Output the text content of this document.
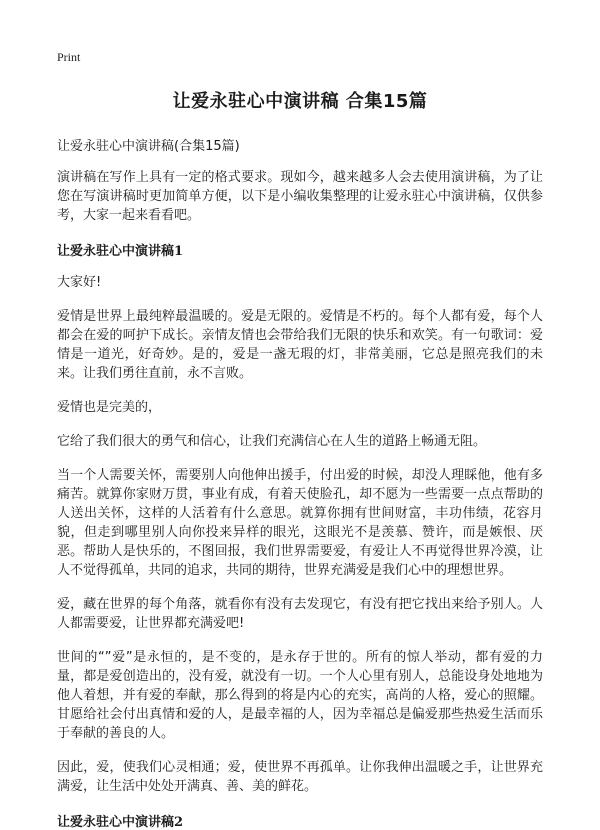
Print
让爱永驻心中演讲稿 合集15篇
让爱永驻心中演讲稿(合集15篇)

演讲稿在写作上具有一定的格式要求。现如今，越来越多人会去使用演讲稿，为了让您在写演讲稿时更加简单方便，以下是小编收集整理的让爱永驻心中演讲稿，仅供参考，大家一起来看看吧。

让爱永驻心中演讲稿1

大家好!

爱情是世界上最纯粹最温暖的。爱是无限的。爱情是不朽的。每个人都有爱，每个人都会在爱的呵护下成长。亲情友情也会带给我们无限的快乐和欢笑。有一句歌词：爱情是一道光，好奇妙。是的，爱是一盏无瑕的灯，非常美丽，它总是照亮我们的未来。让我们勇往直前，永不言败。

爱情也是完美的，

它给了我们很大的勇气和信心，让我们充满信心在人生的道路上畅通无阻。

当一个人需要关怀，需要别人向他伸出援手，付出爱的时候，却没人理睬他，他有多痛苦。就算你家财万贯，事业有成，有着天使脸孔，却不愿为一些需要一点点帮助的人送出关怀，这样的人活着有什么意思。就算你拥有世间财富，丰功伟绩，花容月貌，但走到哪里别人向你投来异样的眼光，这眼光不是羡慕、赞许，而是嫉恨、厌恶。帮助人是快乐的，不图回报，我们世界需要爱，有爱让人不再觉得世界冷漠，让人不觉得孤单，共同的追求，共同的期待，世界充满爱是我们心中的理想世界。

爱，藏在世界的每个角落，就看你有没有去发现它，有没有把它找出来给予别人。人人都需要爱，让世界都充满爱吧!

世间的“”爱”是永恒的，是不变的，是永存于世的。所有的惊人举动，都有爱的力量，都是爱创造出的，没有爱，就没有一切。一个人心里有别人，总能设身处地地为他人着想，并有爱的奉献，那么得到的将是内心的充实，高尚的人格，爱心的照耀。甘愿给社会付出真情和爱的人，是最幸福的人，因为幸福总是偏爱那些热爱生活而乐于奉献的善良的人。

因此，爱，使我们心灵相通；爱，使世界不再孤单。让你我伸出温暖之手，让世界充满爱，让生活中处处开满真、善、美的鲜花。

让爱永驻心中演讲稿2
